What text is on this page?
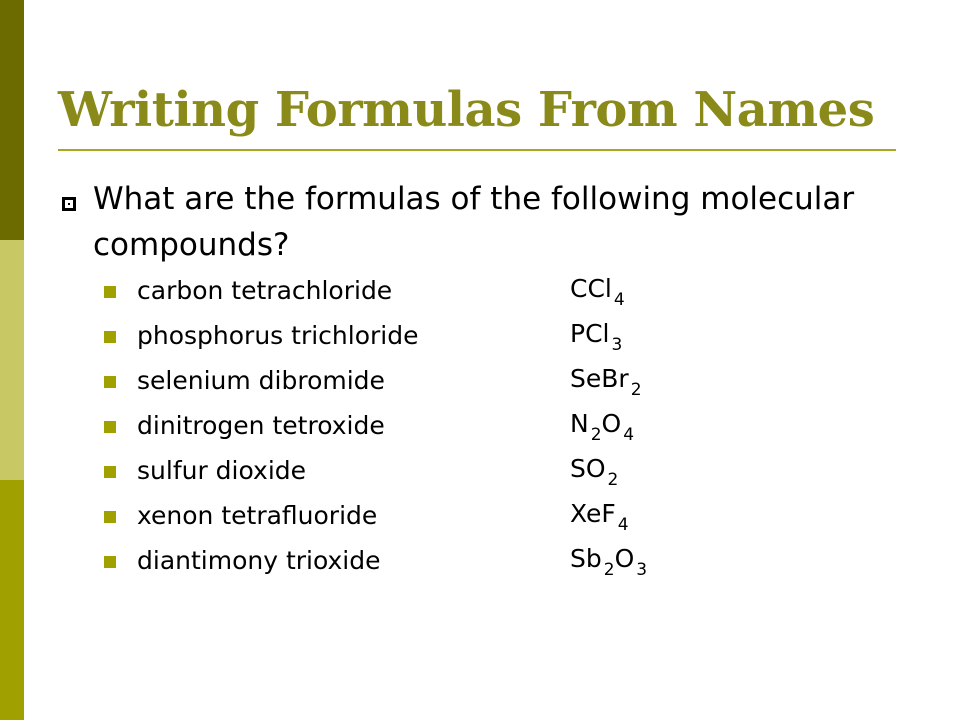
Writing Formulas From Names

What are the formulas of the following molecular compounds?

carbon tetrachloride	CCl $_4$
phosphorus trichloride	PCl $_3$
selenium dibromide	SeBr $_2$
dinitrogen tetroxide	N $_2$O $_4$
sulfur dioxide	SO $_2$
xenon tetrafluoride	XeF $_4$
diantimony trioxide	Sb $_2$O $_3$
